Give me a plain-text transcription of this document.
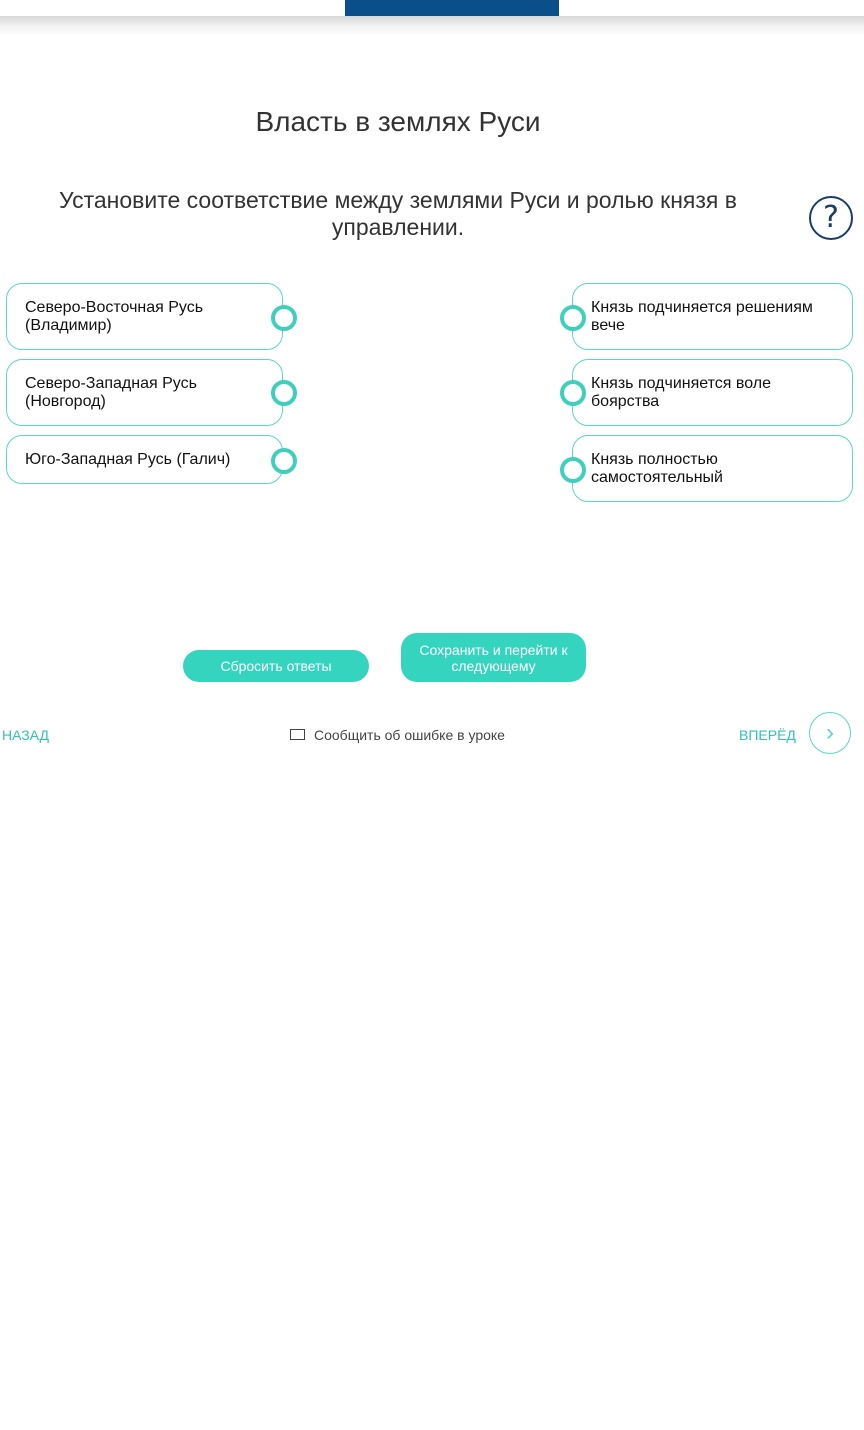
Власть в землях Руси

Установите соответствие между землями Руси и ролью князя в управлении.	?
Северо-Восточная Русь (Владимир)
Северо-Западная Русь (Новгород)
Юго-Западная Русь (Галич)
Князь подчиняется решениям вече
Князь подчиняется воле боярства
Князь полностью самостоятельный
Сбросить ответы
Сохранить и перейти к следующему
НАЗАД	Сообщить об ошибке в уроке	ВПЕРЁД	›
